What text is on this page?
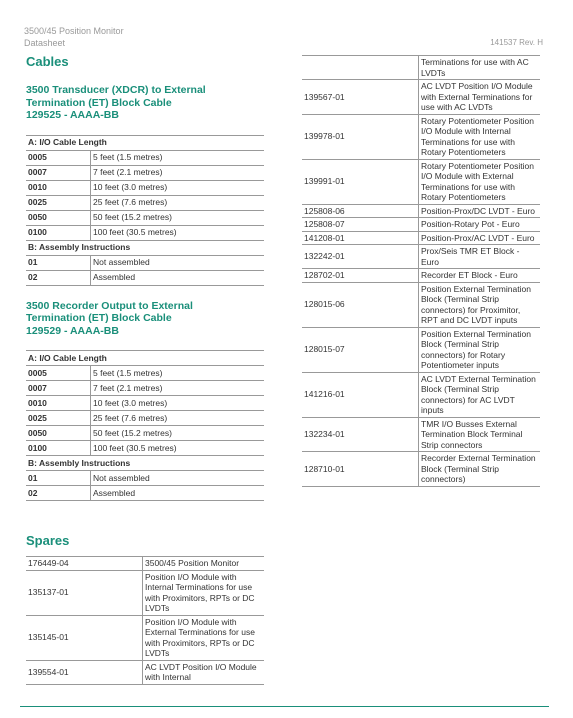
3500/45 Position Monitor
Datasheet	141537 Rev. H
Cables
3500 Transducer (XDCR) to External
Termination (ET) Block Cable
129525 - AAAA-BB
A: I/O Cable Length	
0005	5 feet (1.5 metres)
0007	7 feet (2.1 metres)
0010	10 feet (3.0 metres)
0025	25 feet (7.6 metres)
0050	50 feet (15.2 metres)
0100	100 feet (30.5 metres)
B: Assembly Instructions	
01	Not assembled
02	Assembled
3500 Recorder Output to External
Termination (ET) Block Cable
129529 - AAAA-BB
A: I/O Cable Length	
0005	5 feet (1.5 metres)
0007	7 feet (2.1 metres)
0010	10 feet (3.0 metres)
0025	25 feet (7.6 metres)
0050	50 feet (15.2 metres)
0100	100 feet (30.5 metres)
B: Assembly Instructions	
01	Not assembled
02	Assembled
Spares
176449-04	3500/45 Position Monitor
135137-01	Position I/O Module with Internal Terminations for use with Proximitors, RPTs or DC LVDTs
135145-01	Position I/O Module with External Terminations for use with Proximitors, RPTs or DC LVDTs
139554-01	AC LVDT Position I/O Module with Internal
	Terminations for use with AC LVDTs
139567-01	AC LVDT Position I/O Module with External Terminations for use with AC LVDTs
139978-01	Rotary Potentiometer Position I/O Module with Internal Terminations for use with Rotary Potentiometers
139991-01	Rotary Potentiometer Position I/O Module with External Terminations for use with Rotary Potentiometers
125808-06	Position-Prox/DC LVDT - Euro
125808-07	Position-Rotary Pot - Euro
141208-01	Position-Prox/AC LVDT - Euro
132242-01	Prox/Seis TMR ET Block - Euro
128702-01	Recorder ET Block - Euro
128015-06	Position External Termination Block (Terminal Strip connectors) for Proximitor, RPT and DC LVDT inputs
128015-07	Position External Termination Block (Terminal Strip connectors) for Rotary Potentiometer inputs
141216-01	AC LVDT External Termination Block (Terminal Strip connectors) for AC LVDT inputs
132234-01	TMR I/O Busses External Termination Block Terminal Strip connectors
128710-01	Recorder External Termination Block (Terminal Strip connectors)
